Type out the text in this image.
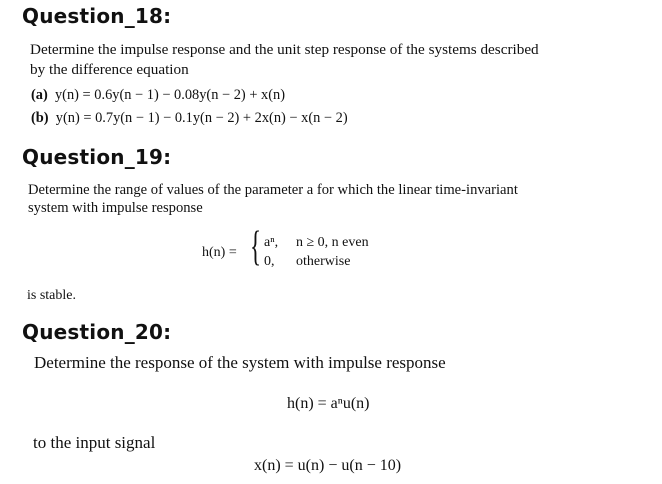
Question_18:

Determine the impulse response and the unit step response of the systems described

by the difference equation

(a) y(n) = 0.6y(n − 1) − 0.08y(n − 2) + x(n)
(b) y(n) = 0.7y(n − 1) − 0.1y(n − 2) + 2x(n) − x(n − 2)
Question_19:

Determine the range of values of the parameter a for which the linear time-invariant

system with impulse response

h(n) = { aⁿ, n ≥ 0, n even
0, otherwise

is stable.

Question_20:

Determine the response of the system with impulse response

h(n) = aⁿu(n)

to the input signal

x(n) = u(n) − u(n − 10)
